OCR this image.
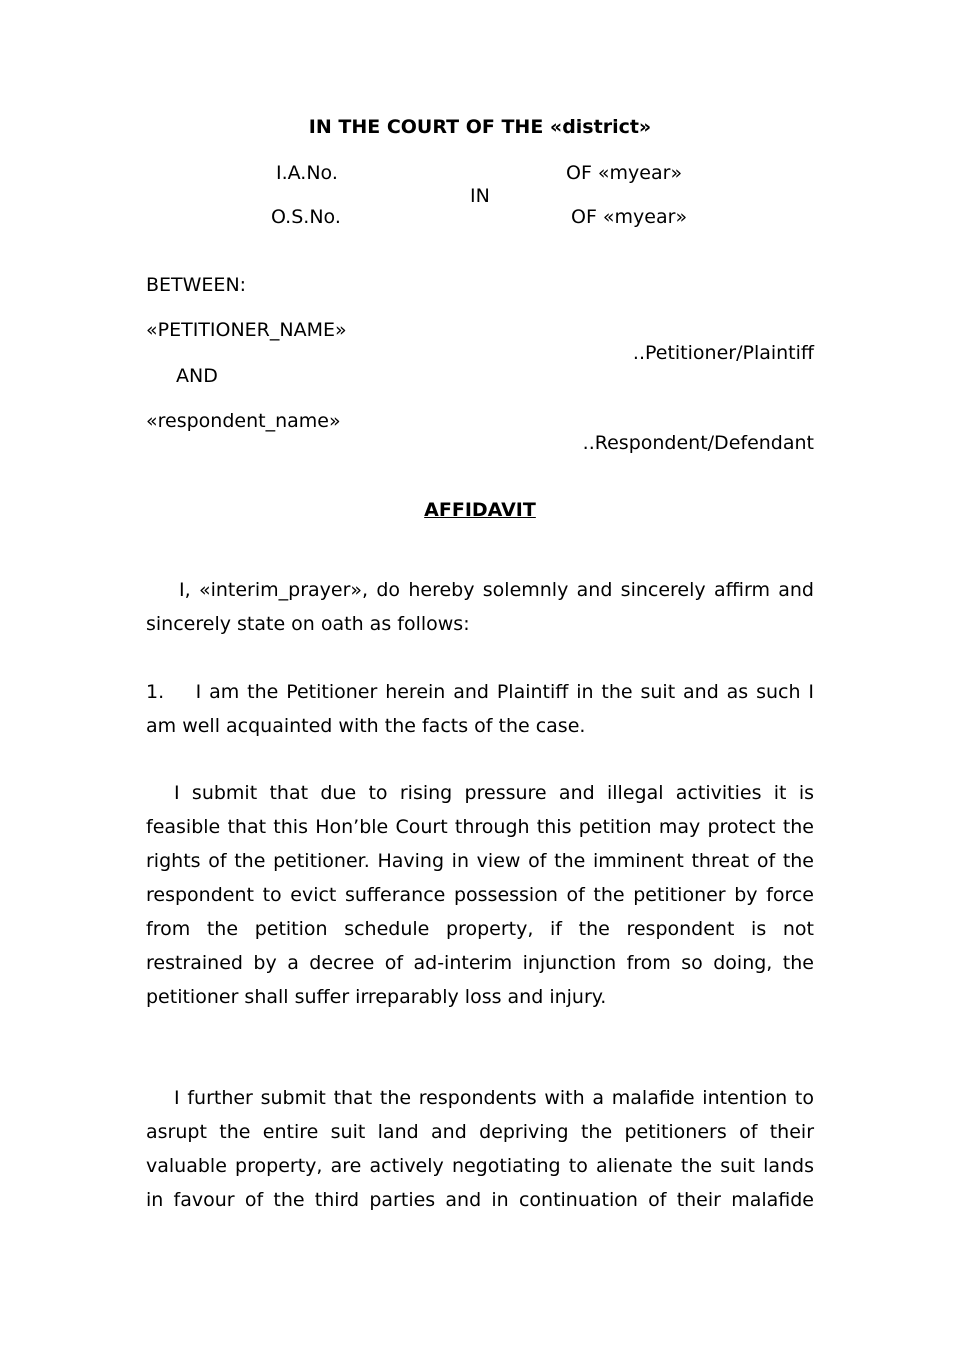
IN THE COURT OF THE «district»
I.A.No.	OF «myear»
IN
O.S.No.	OF «myear»
BETWEEN:
«PETITIONER_NAME»
..Petitioner/Plaintiff
AND
«respondent_name»
..Respondent/Defendant
AFFIDAVIT
I, «interim_prayer», do hereby solemnly and sincerely affirm and
sincerely state on oath as follows:
1.    I am the Petitioner herein and Plaintiff in the suit and as such I
am well acquainted with the facts of the case.
I submit that due to rising pressure and illegal activities it is
feasible that this Hon’ble Court through this petition may protect the
rights of the petitioner. Having in view of the imminent threat of the
respondent to evict sufferance possession of the petitioner by force
from the petition schedule property, if the respondent is not
restrained by a decree of ad-interim injunction from so doing, the
petitioner shall suffer irreparably loss and injury.
I further submit that the respondents with a malafide intention to
asrupt the entire suit land and depriving the petitioners of their
valuable property, are actively negotiating to alienate the suit lands
in favour of the third parties and in continuation of their malafide
